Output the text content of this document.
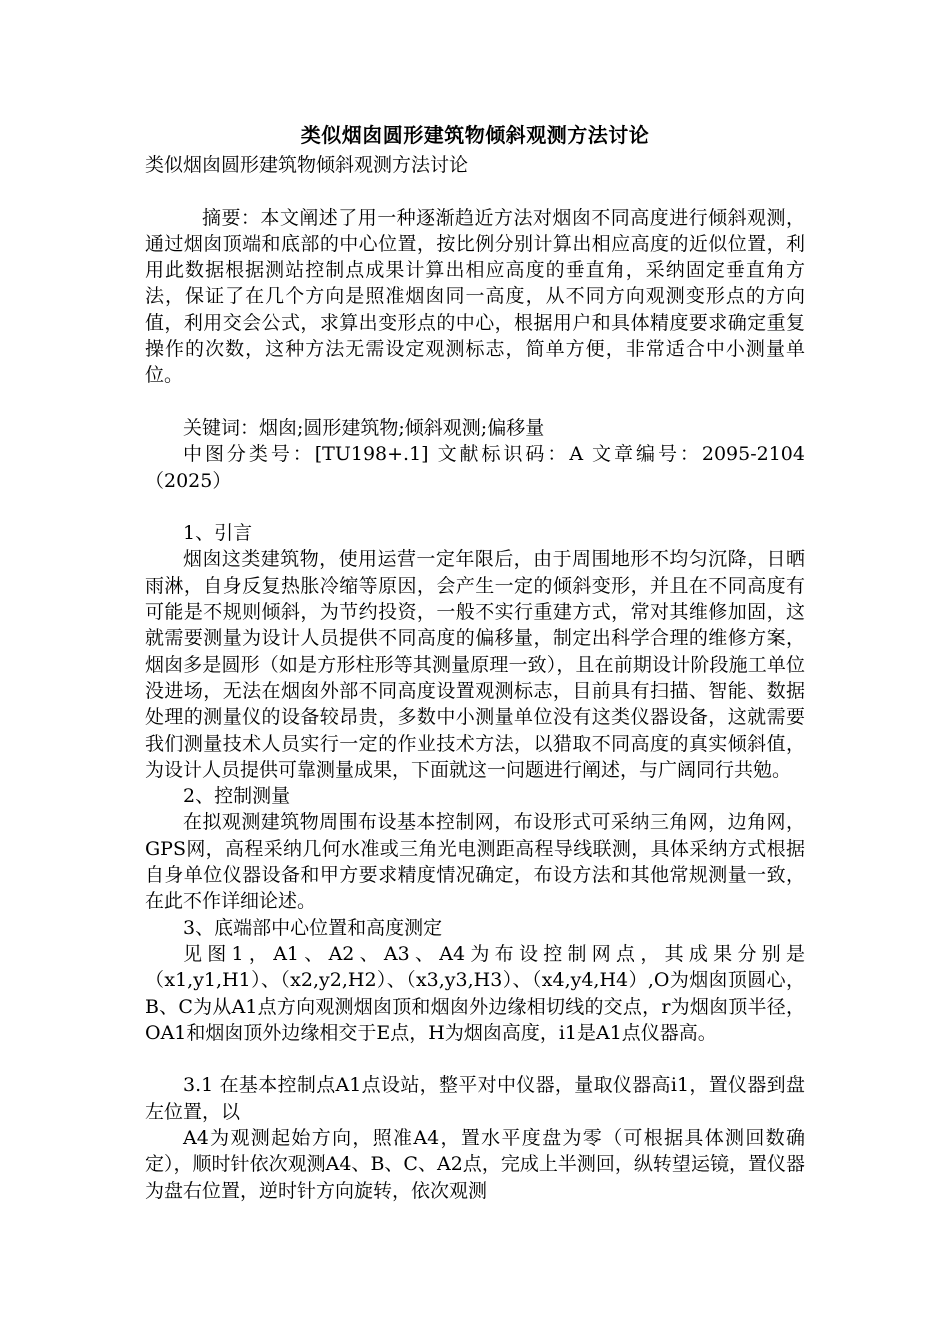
类似烟囱圆形建筑物倾斜观测方法讨论

类似烟囱圆形建筑物倾斜观测方法讨论

摘要：本文阐述了用一种逐渐趋近方法对烟囱不同高度进行倾斜观测，通过烟囱顶端和底部的中心位置，按比例分别计算出相应高度的近似位置，利用此数据根据测站控制点成果计算出相应高度的垂直角，采纳固定垂直角方法，保证了在几个方向是照准烟囱同一高度，从不同方向观测变形点的方向值，利用交会公式，求算出变形点的中心，根据用户和具体精度要求确定重复操作的次数，这种方法无需设定观测标志，简单方便，非常适合中小测量单位。

关键词：烟囱;圆形建筑物;倾斜观测;偏移量

中图分类号：[TU198+.1] 文献标识码：A 文章编号：2095-2104（2025）

1、引言

烟囱这类建筑物，使用运营一定年限后，由于周围地形不均匀沉降，日晒雨淋，自身反复热胀冷缩等原因，会产生一定的倾斜变形，并且在不同高度有可能是不规则倾斜，为节约投资，一般不实行重建方式，常对其维修加固，这就需要测量为设计人员提供不同高度的偏移量，制定出科学合理的维修方案，烟囱多是圆形（如是方形柱形等其测量原理一致），且在前期设计阶段施工单位没进场，无法在烟囱外部不同高度设置观测标志，目前具有扫描、智能、数据处理的测量仪的设备较昂贵，多数中小测量单位没有这类仪器设备，这就需要我们测量技术人员实行一定的作业技术方法，以猎取不同高度的真实倾斜值，为设计人员提供可靠测量成果，下面就这一问题进行阐述，与广阔同行共勉。

2、控制测量

在拟观测建筑物周围布设基本控制网，布设形式可采纳三角网，边角网，GPS网，高程采纳几何水准或三角光电测距高程导线联测，具体采纳方式根据自身单位仪器设备和甲方要求精度情况确定，布设方法和其他常规测量一致，在此不作详细论述。

3、底端部中心位置和高度测定

见图1，A1、A2、A3、A4为布设控制网点，其成果分别是（x1,y1,H1）、（x2,y2,H2）、（x3,y3,H3）、（x4,y4,H4）,O为烟囱顶圆心，B、C为从A1点方向观测烟囱顶和烟囱外边缘相切线的交点，r为烟囱顶半径，OA1和烟囱顶外边缘相交于E点，H为烟囱高度，i1是A1点仪器高。

3.1 在基本控制点A1点设站，整平对中仪器，量取仪器高i1，置仪器到盘左位置，以

A4为观测起始方向，照准A4，置水平度盘为零（可根据具体测回数确定），顺时针依次观测A4、B、C、A2点，完成上半测回，纵转望运镜，置仪器为盘右位置，逆时针方向旋转，依次观测
